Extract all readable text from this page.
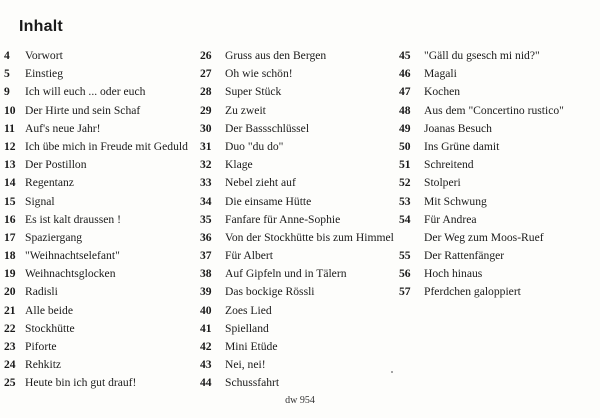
Inhalt
4 Vorwort
5 Einstieg
9 Ich will euch ... oder euch
10 Der Hirte und sein Schaf
11 Auf's neue Jahr!
12 Ich übe mich in Freude mit Geduld
13 Der Postillon
14 Regentanz
15 Signal
16 Es ist kalt draussen !
17 Spaziergang
18 "Weihnachtselefant"
19 Weihnachtsglocken
20 Radisli
21 Alle beide
22 Stockhütte
23 Piforte
24 Rehkitz
25 Heute bin ich gut drauf!
26 Gruss aus den Bergen
27 Oh wie schön!
28 Super Stück
29 Zu zweit
30 Der Bassschlüssel
31 Duo "du do"
32 Klage
33 Nebel zieht auf
34 Die einsame Hütte
35 Fanfare für Anne-Sophie
36 Von der Stockhütte bis zum Himmel
37 Für Albert
38 Auf Gipfeln und in Tälern
39 Das bockige Rössli
40 Zoes Lied
41 Spielland
42 Mini Etüde
43 Nei, nei!
44 Schussfahrt
45 "Gäll du gsesch mi nid?"
46 Magali
47 Kochen
48 Aus dem "Concertino rustico"
49 Joanas Besuch
50 Ins Grüne damit
51 Schreitend
52 Stolperi
53 Mit Schwung
54 Für Andrea
Der Weg zum Moos-Ruef
55 Der Rattenfänger
56 Hoch hinaus
57 Pferdchen galoppiert
dw 954
